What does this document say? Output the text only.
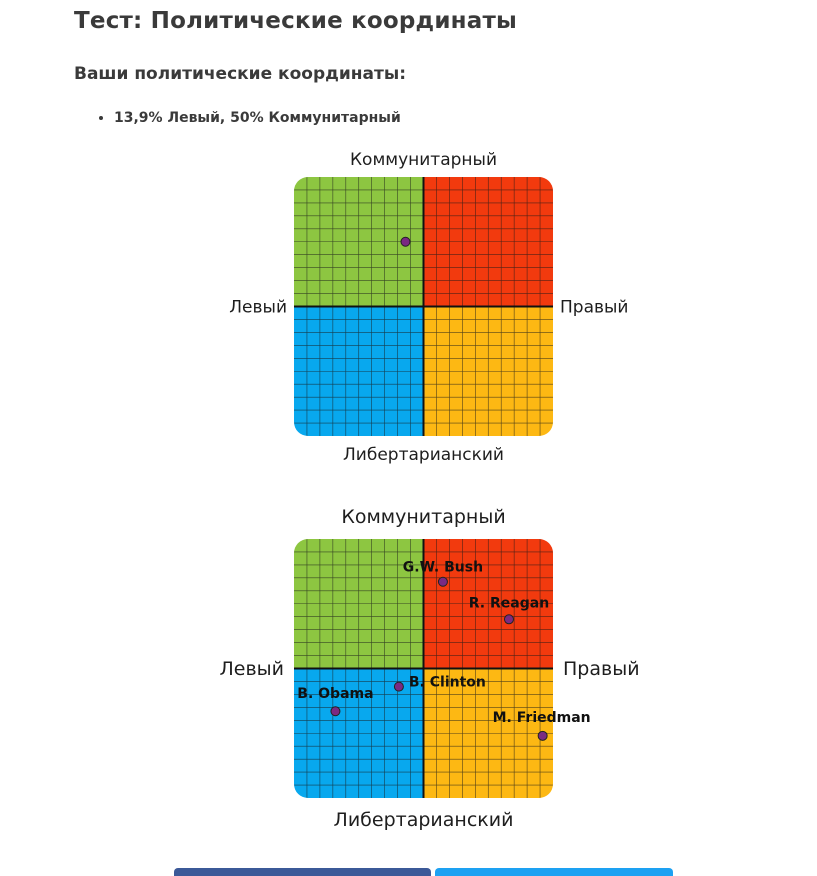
Тест: Политические координаты
Ваши политические координаты:
• 13,9% Левый, 50% Коммунитарный
Коммунитарный
Либертарианский
Левый	Правый
Коммунитарный
Либертарианский
Левый	Правый
G.W. Bush
R. Reagan
B. Clinton
B. Obama
M. Friedman
